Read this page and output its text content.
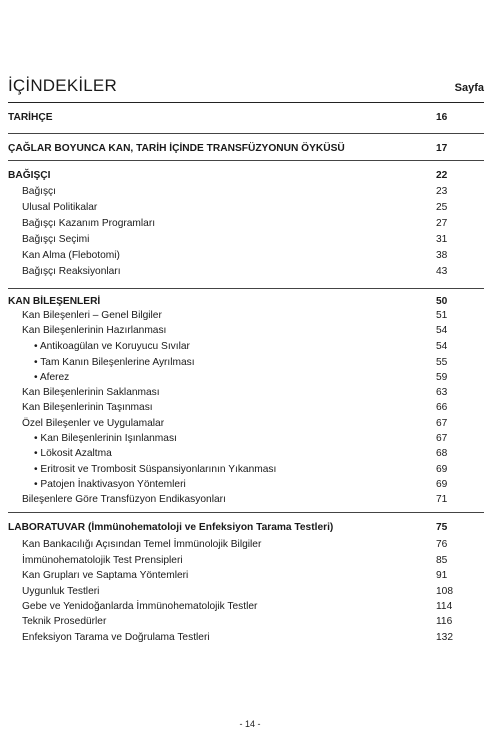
İÇİNDEKİLER	Sayfa
TARİHÇE	16
ÇAĞLAR BOYUNCA KAN, TARİH İÇİNDE TRANSFÜZYONUN ÖYKÜSÜ	17
BAĞIŞÇI	22
Bağışçı	23
Ulusal Politikalar	25
Bağışçı Kazanım Programları	27
Bağışçı Seçimi	31
Kan Alma (Flebotomi)	38
Bağışçı Reaksiyonları	43
KAN BİLEŞENLERİ	50
Kan Bileşenleri – Genel Bilgiler	51
Kan Bileşenlerinin Hazırlanması	54
• Antikoagülan ve Koruyucu Sıvılar	54
• Tam Kanın Bileşenlerine Ayrılması	55
• Aferez	59
Kan Bileşenlerinin Saklanması	63
Kan Bileşenlerinin Taşınması	66
Özel Bileşenler ve Uygulamalar	67
• Kan Bileşenlerinin Işınlanması	67
• Lökosit Azaltma	68
• Eritrosit ve Trombosit Süspansiyonlarının Yıkanması	69
• Patojen İnaktivasyon Yöntemleri	69
Bileşenlere Göre Transfüzyon Endikasyonları	71
LABORATUVAR (İmmünohematoloji ve Enfeksiyon Tarama Testleri)	75
Kan Bankacılığı Açısından Temel İmmünolojik Bilgiler	76
İmmünohematolojik Test Prensipleri	85
Kan Grupları ve Saptama Yöntemleri	91
Uygunluk Testleri	108
Gebe ve Yenidoğanlarda İmmünohematolojik Testler	114
Teknik Prosedürler	116
Enfeksiyon Tarama ve Doğrulama Testleri	132
- 14 -
